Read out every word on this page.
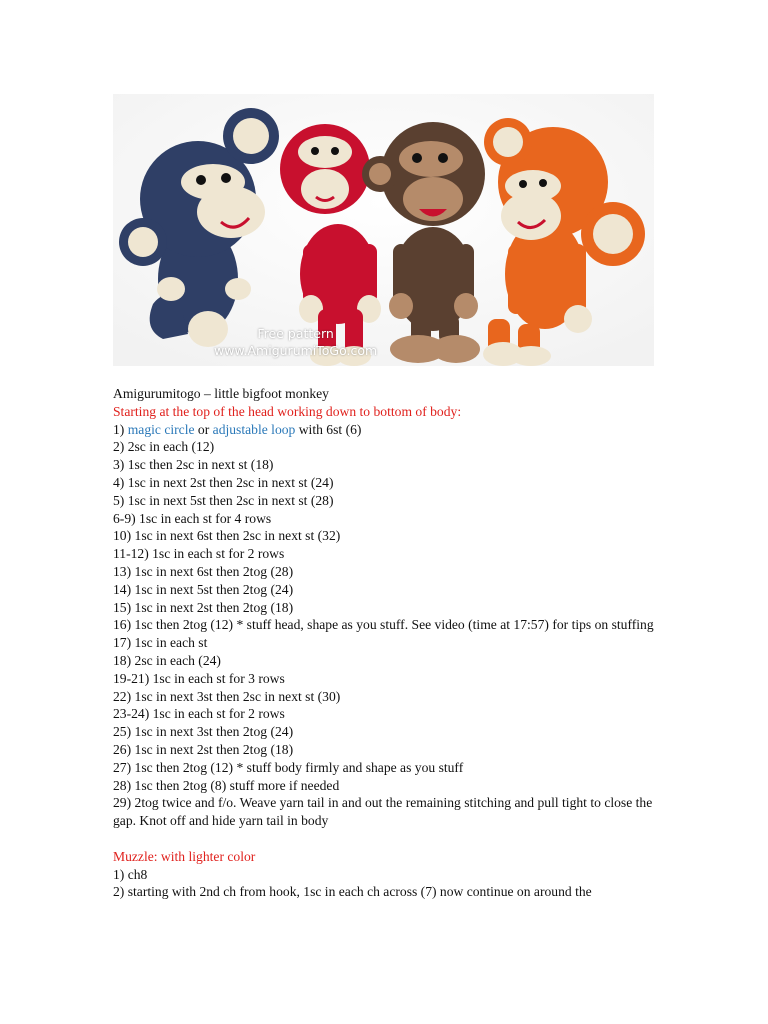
Free pattern
www.AmigurumiToGo.com

Amigurumitogo – little bigfoot monkey

Starting at the top of the head working down to bottom of body:

1) magic circle or adjustable loop with 6st (6)

2) 2sc in each (12)

3) 1sc then 2sc in next st (18)

4) 1sc in next 2st then 2sc in next st (24)

5) 1sc in next 5st then 2sc in next st (28)

6-9) 1sc in each st for 4 rows

10) 1sc in next 6st then 2sc in next st (32)

11-12) 1sc in each st for 2 rows

13) 1sc in next 6st then 2tog (28)

14) 1sc in next 5st then 2tog (24)

15) 1sc in next 2st then 2tog (18)

16) 1sc then 2tog (12) * stuff head, shape as you stuff. See video (time at 17:57) for tips on stuffing

17) 1sc in each st

18) 2sc in each (24)

19-21) 1sc in each st for 3 rows

22) 1sc in next 3st then 2sc in next st (30)

23-24) 1sc in each st for 2 rows

25) 1sc in next 3st then 2tog (24)

26) 1sc in next 2st then 2tog (18)

27) 1sc then 2tog (12) * stuff body firmly and shape as you stuff

28) 1sc then 2tog (8) stuff more if needed

29) 2tog twice and f/o. Weave yarn tail in and out the remaining stitching and pull tight to close the gap. Knot off and hide yarn tail in body

Muzzle: with lighter color

1) ch8

2) starting with 2nd ch from hook, 1sc in each ch across (7) now continue on around the
